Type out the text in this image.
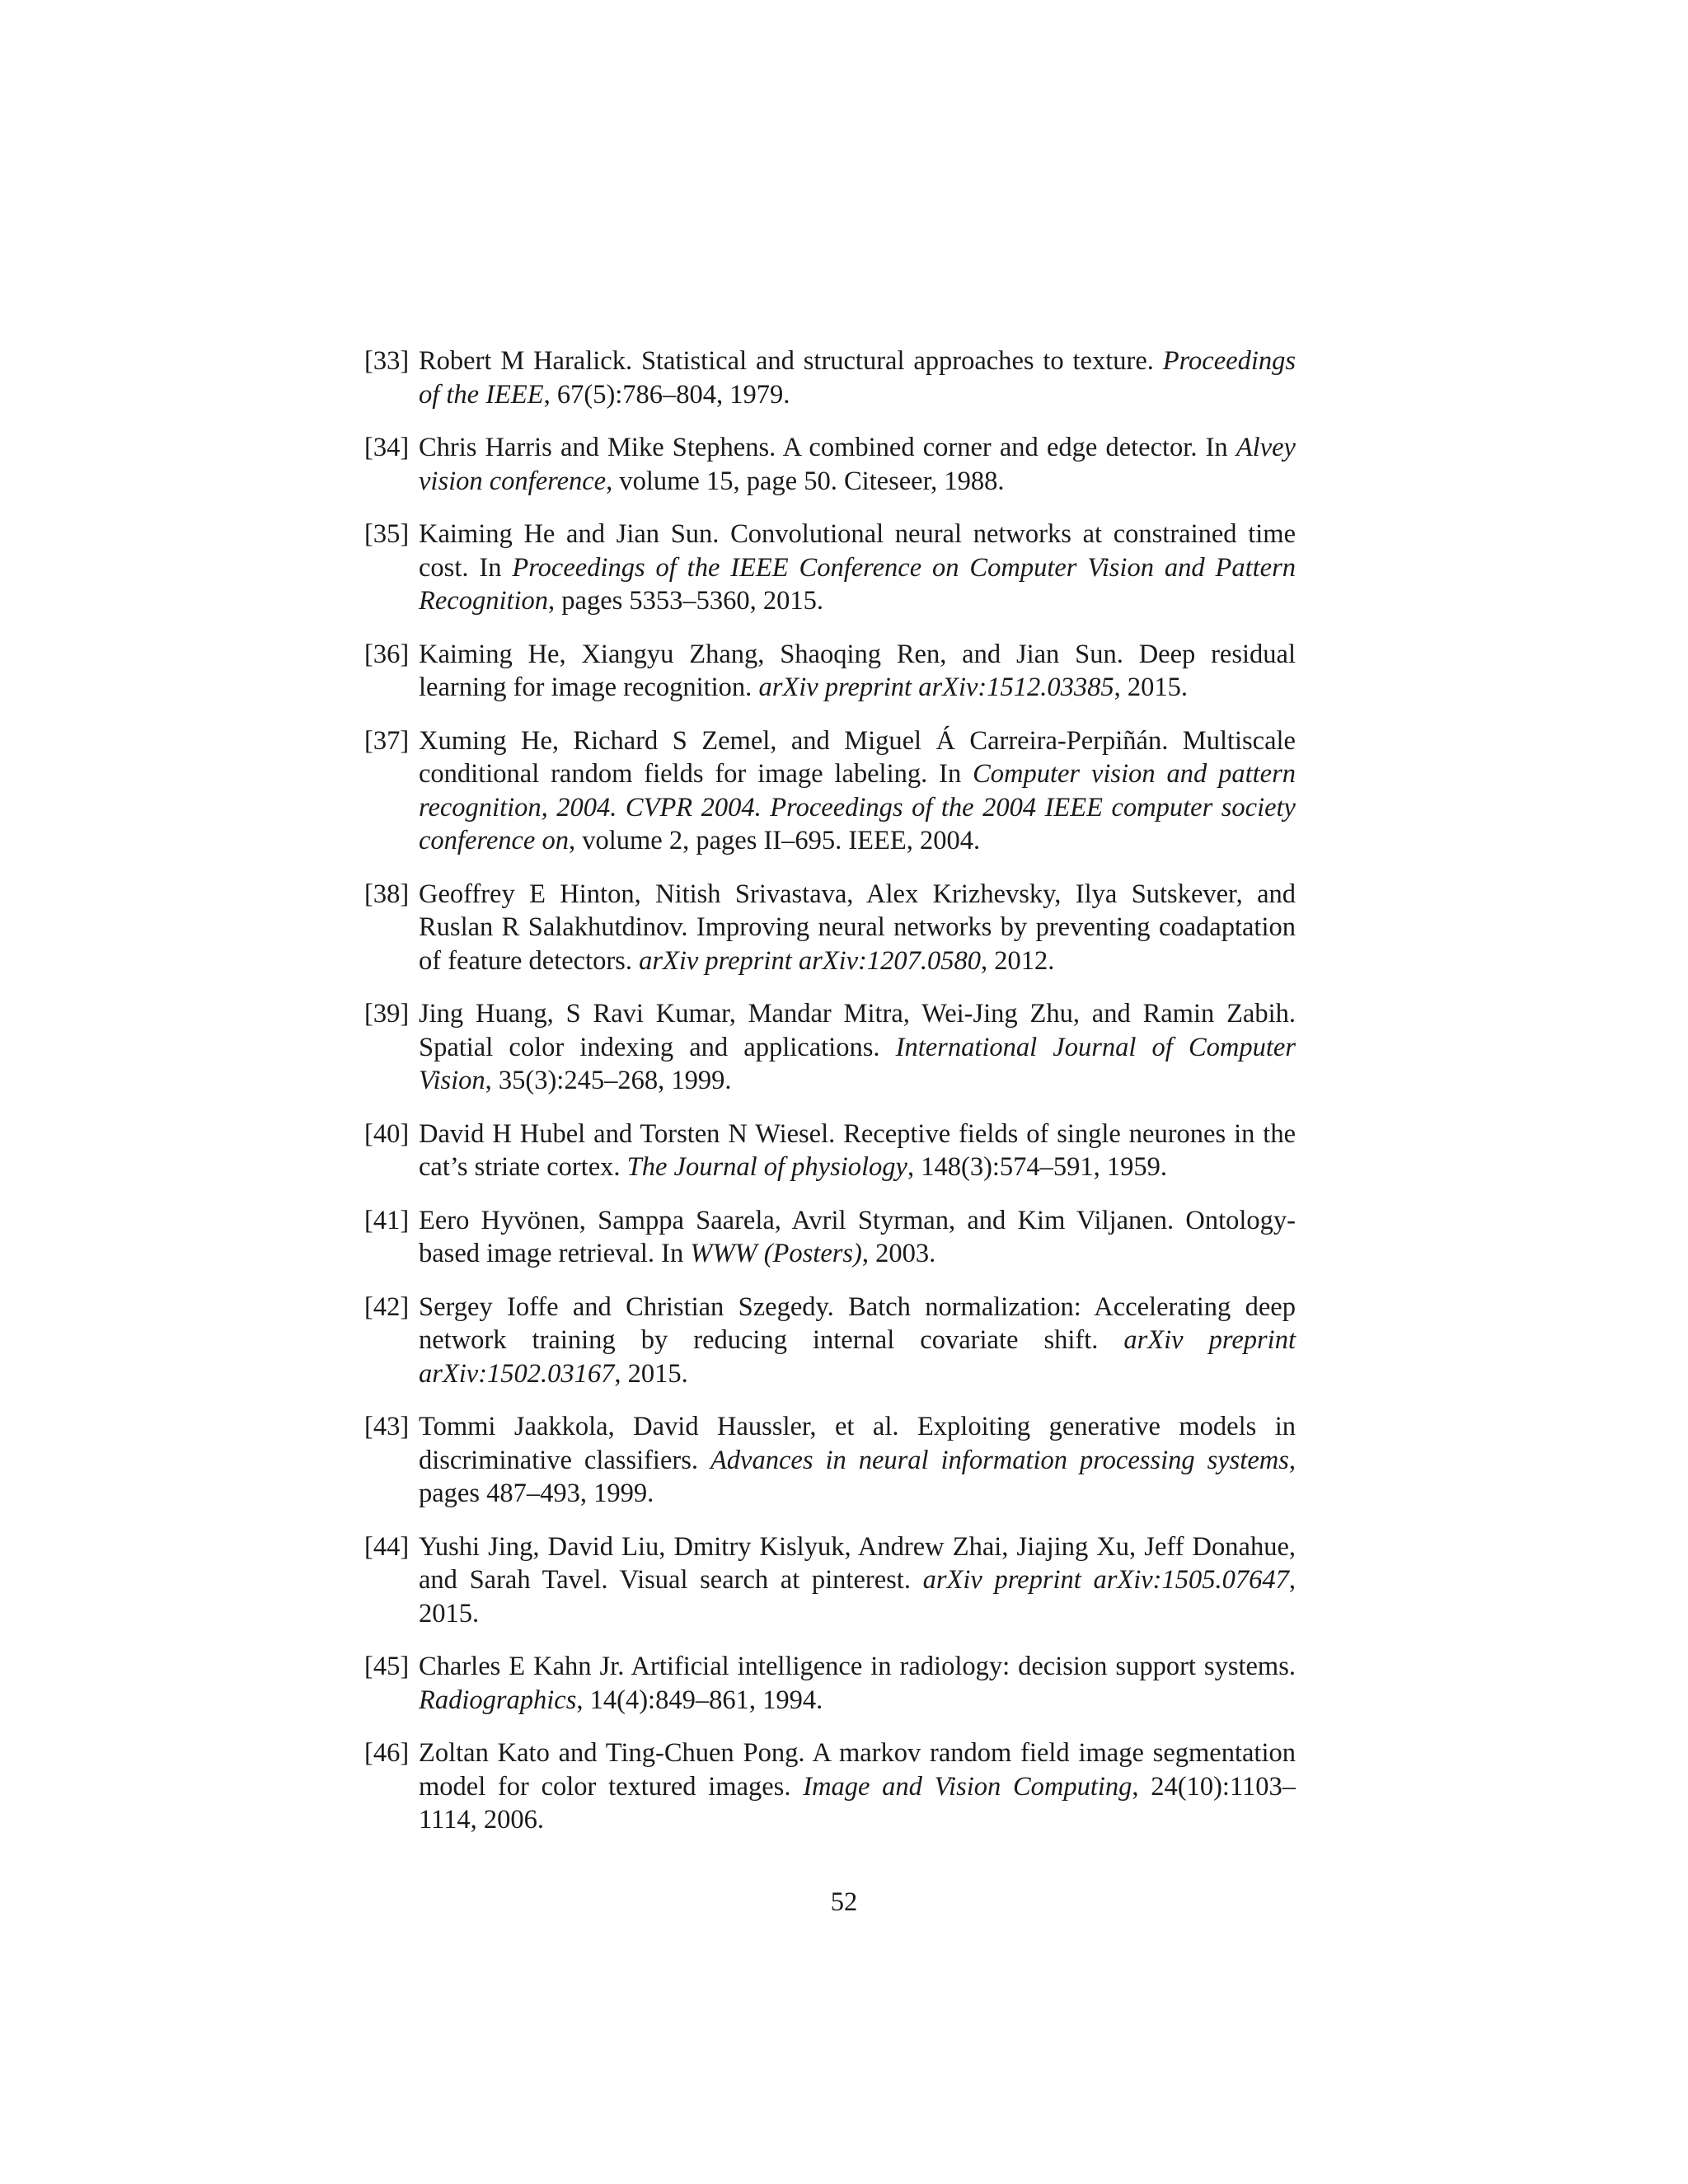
[33] Robert M Haralick. Statistical and structural approaches to texture. Proceedings of the IEEE, 67(5):786–804, 1979.
[34] Chris Harris and Mike Stephens. A combined corner and edge detector. In Alvey vision conference, volume 15, page 50. Citeseer, 1988.
[35] Kaiming He and Jian Sun. Convolutional neural networks at constrained time cost. In Proceedings of the IEEE Conference on Computer Vision and Pattern Recognition, pages 5353–5360, 2015.
[36] Kaiming He, Xiangyu Zhang, Shaoqing Ren, and Jian Sun. Deep residual learning for image recognition. arXiv preprint arXiv:1512.03385, 2015.
[37] Xuming He, Richard S Zemel, and Miguel Á Carreira-Perpiñán. Multiscale conditional random fields for image labeling. In Computer vision and pattern recognition, 2004. CVPR 2004. Proceedings of the 2004 IEEE computer society conference on, volume 2, pages II–695. IEEE, 2004.
[38] Geoffrey E Hinton, Nitish Srivastava, Alex Krizhevsky, Ilya Sutskever, and Ruslan R Salakhutdinov. Improving neural networks by preventing coadaptation of feature detectors. arXiv preprint arXiv:1207.0580, 2012.
[39] Jing Huang, S Ravi Kumar, Mandar Mitra, Wei-Jing Zhu, and Ramin Zabih. Spatial color indexing and applications. International Journal of Computer Vision, 35(3):245–268, 1999.
[40] David H Hubel and Torsten N Wiesel. Receptive fields of single neurones in the cat’s striate cortex. The Journal of physiology, 148(3):574–591, 1959.
[41] Eero Hyvönen, Samppa Saarela, Avril Styrman, and Kim Viljanen. Ontology-based image retrieval. In WWW (Posters), 2003.
[42] Sergey Ioffe and Christian Szegedy. Batch normalization: Accelerating deep network training by reducing internal covariate shift. arXiv preprint arXiv:1502.03167, 2015.
[43] Tommi Jaakkola, David Haussler, et al. Exploiting generative models in discriminative classifiers. Advances in neural information processing systems, pages 487–493, 1999.
[44] Yushi Jing, David Liu, Dmitry Kislyuk, Andrew Zhai, Jiajing Xu, Jeff Donahue, and Sarah Tavel. Visual search at pinterest. arXiv preprint arXiv:1505.07647, 2015.
[45] Charles E Kahn Jr. Artificial intelligence in radiology: decision support systems. Radiographics, 14(4):849–861, 1994.
[46] Zoltan Kato and Ting-Chuen Pong. A markov random field image segmentation model for color textured images. Image and Vision Computing, 24(10):1103–1114, 2006.
52
